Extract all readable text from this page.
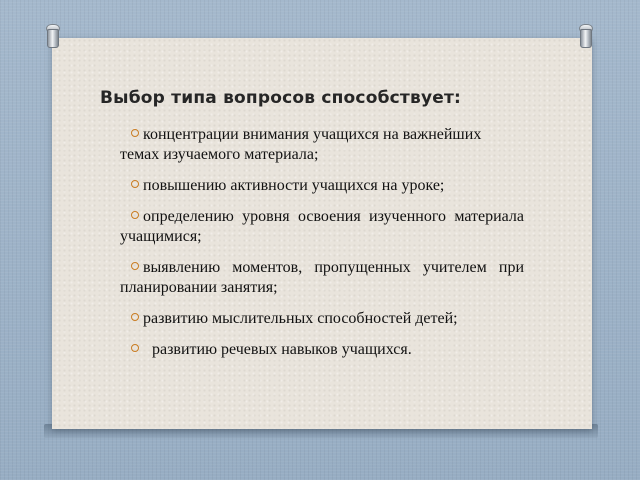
Выбор типа вопросов способствует:
концентрации внимания учащихся на важнейших темах изучаемого материала;
повышению активности учащихся на уроке;
определению уровня освоения изученного материала учащимися;
выявлению моментов, пропущенных учителем при планировании занятия;
развитию мыслительных способностей детей;
развитию речевых навыков учащихся.
